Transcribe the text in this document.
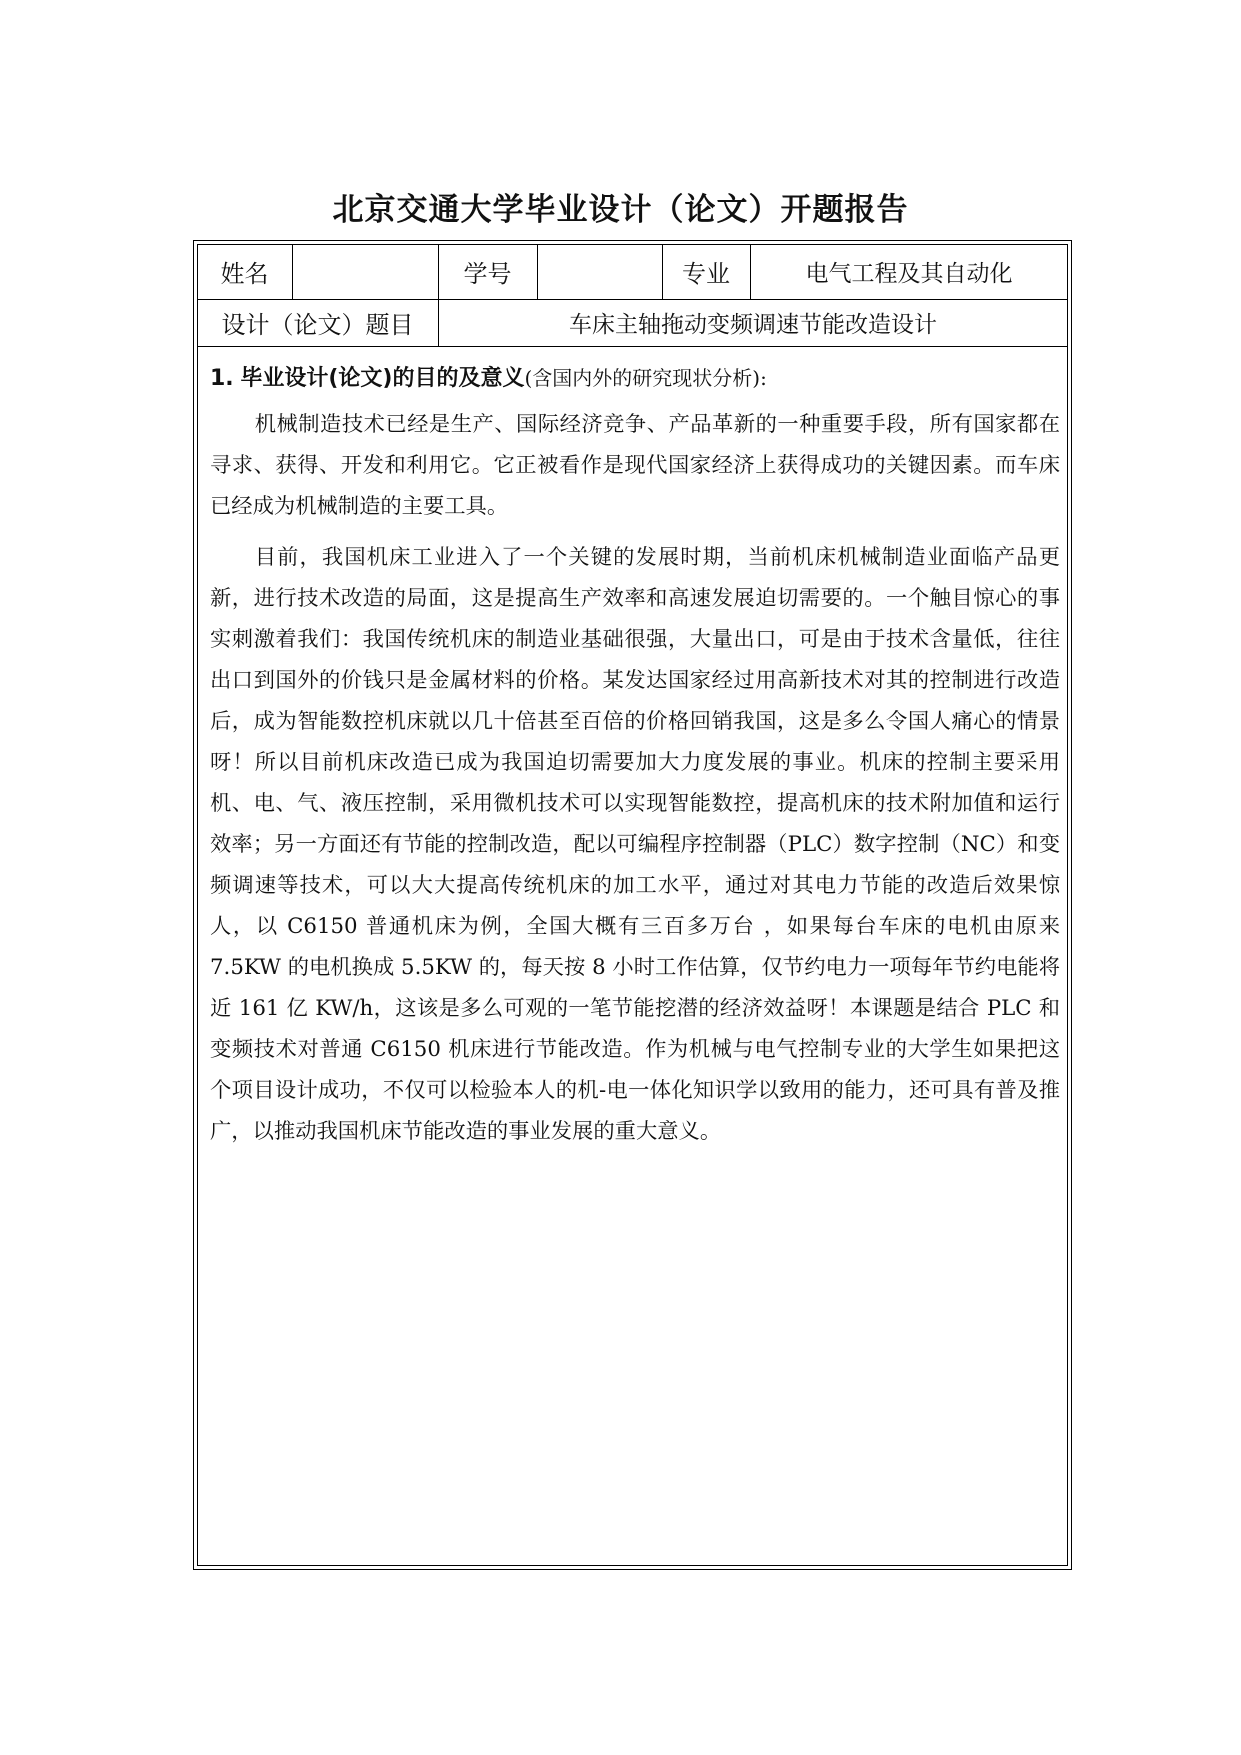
北京交通大学毕业设计（论文）开题报告
姓名	学号	专业	电气工程及其自动化
设计（论文）题目	车床主轴拖动变频调速节能改造设计
1. 毕业设计(论文)的目的及意义(含国内外的研究现状分析):

机械制造技术已经是生产、国际经济竞争、产品革新的一种重要手段，所有国家都在寻求、获得、开发和利用它。它正被看作是现代国家经济上获得成功的关键因素。而车床已经成为机械制造的主要工具。

目前，我国机床工业进入了一个关键的发展时期，当前机床机械制造业面临产品更新，进行技术改造的局面，这是提高生产效率和高速发展迫切需要的。一个触目惊心的事实刺激着我们：我国传统机床的制造业基础很强，大量出口，可是由于技术含量低，往往出口到国外的价钱只是金属材料的价格。某发达国家经过用高新技术对其的控制进行改造后，成为智能数控机床就以几十倍甚至百倍的价格回销我国，这是多么令国人痛心的情景呀！所以目前机床改造已成为我国迫切需要加大力度发展的事业。机床的控制主要采用机、电、气、液压控制，采用微机技术可以实现智能数控，提高机床的技术附加值和运行效率；另一方面还有节能的控制改造，配以可编程序控制器（PLC）数字控制（NC）和变频调速等技术，可以大大提高传统机床的加工水平，通过对其电力节能的改造后效果惊人，以 C6150 普通机床为例，全国大概有三百多万台 ，如果每台车床的电机由原来 7.5KW 的电机换成 5.5KW 的，每天按 8 小时工作估算，仅节约电力一项每年节约电能将近 161 亿 KW/h，这该是多么可观的一笔节能挖潜的经济效益呀！本课题是结合 PLC 和变频技术对普通 C6150 机床进行节能改造。作为机械与电气控制专业的大学生如果把这个项目设计成功，不仅可以检验本人的机-电一体化知识学以致用的能力，还可具有普及推广，以推动我国机床节能改造的事业发展的重大意义。
